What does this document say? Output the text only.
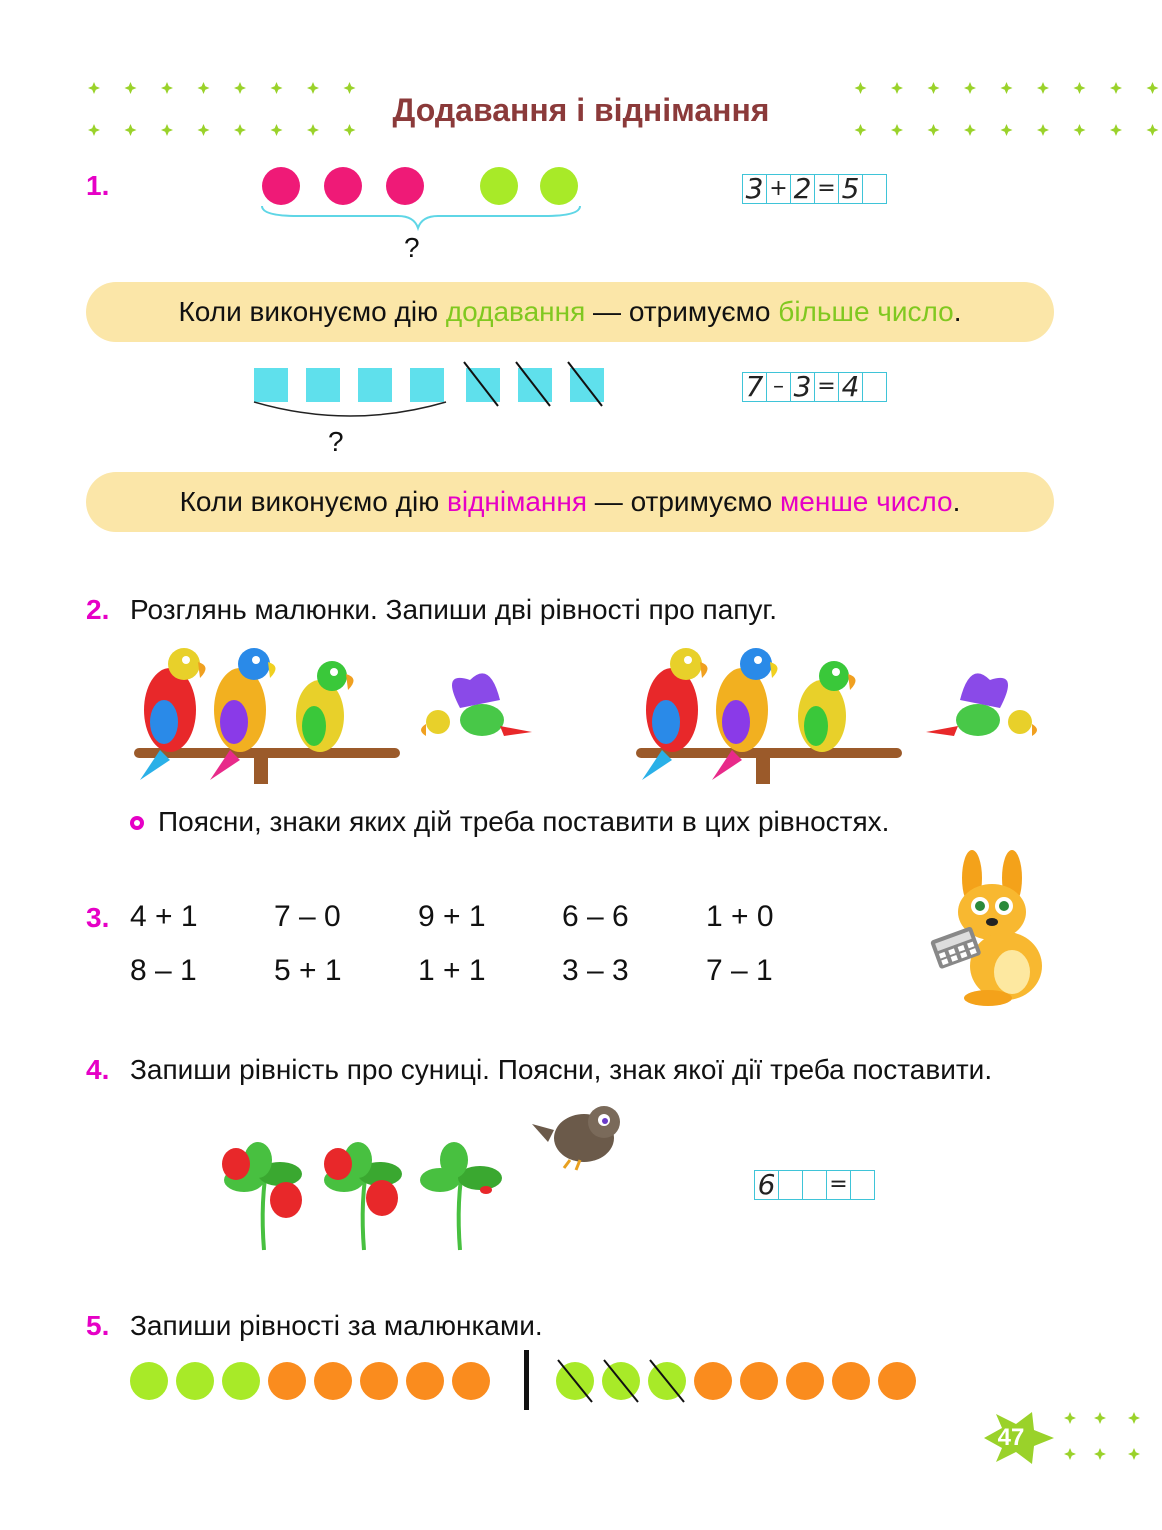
Додавання і віднімання
1.
?
3 + 2 = 5
Коли виконуємо дію додавання — отримуємо більше число.
?
7 – 3 = 4
Коли виконуємо дію віднімання — отримуємо менше число.
2. Розглянь малюнки. Запиши дві рівності про папуг.
Поясни, знаки яких дій треба поставити в цих рівностях.
3. 4 + 1	7 – 0	9 + 1	6 – 6	1 + 0
8 – 1	5 + 1	1 + 1	3 – 3	7 – 1
4. Запиши рівність про суниці. Поясни, знак якої дії треба поставити.
6 =
5. Запиши рівності за малюнками.
47
